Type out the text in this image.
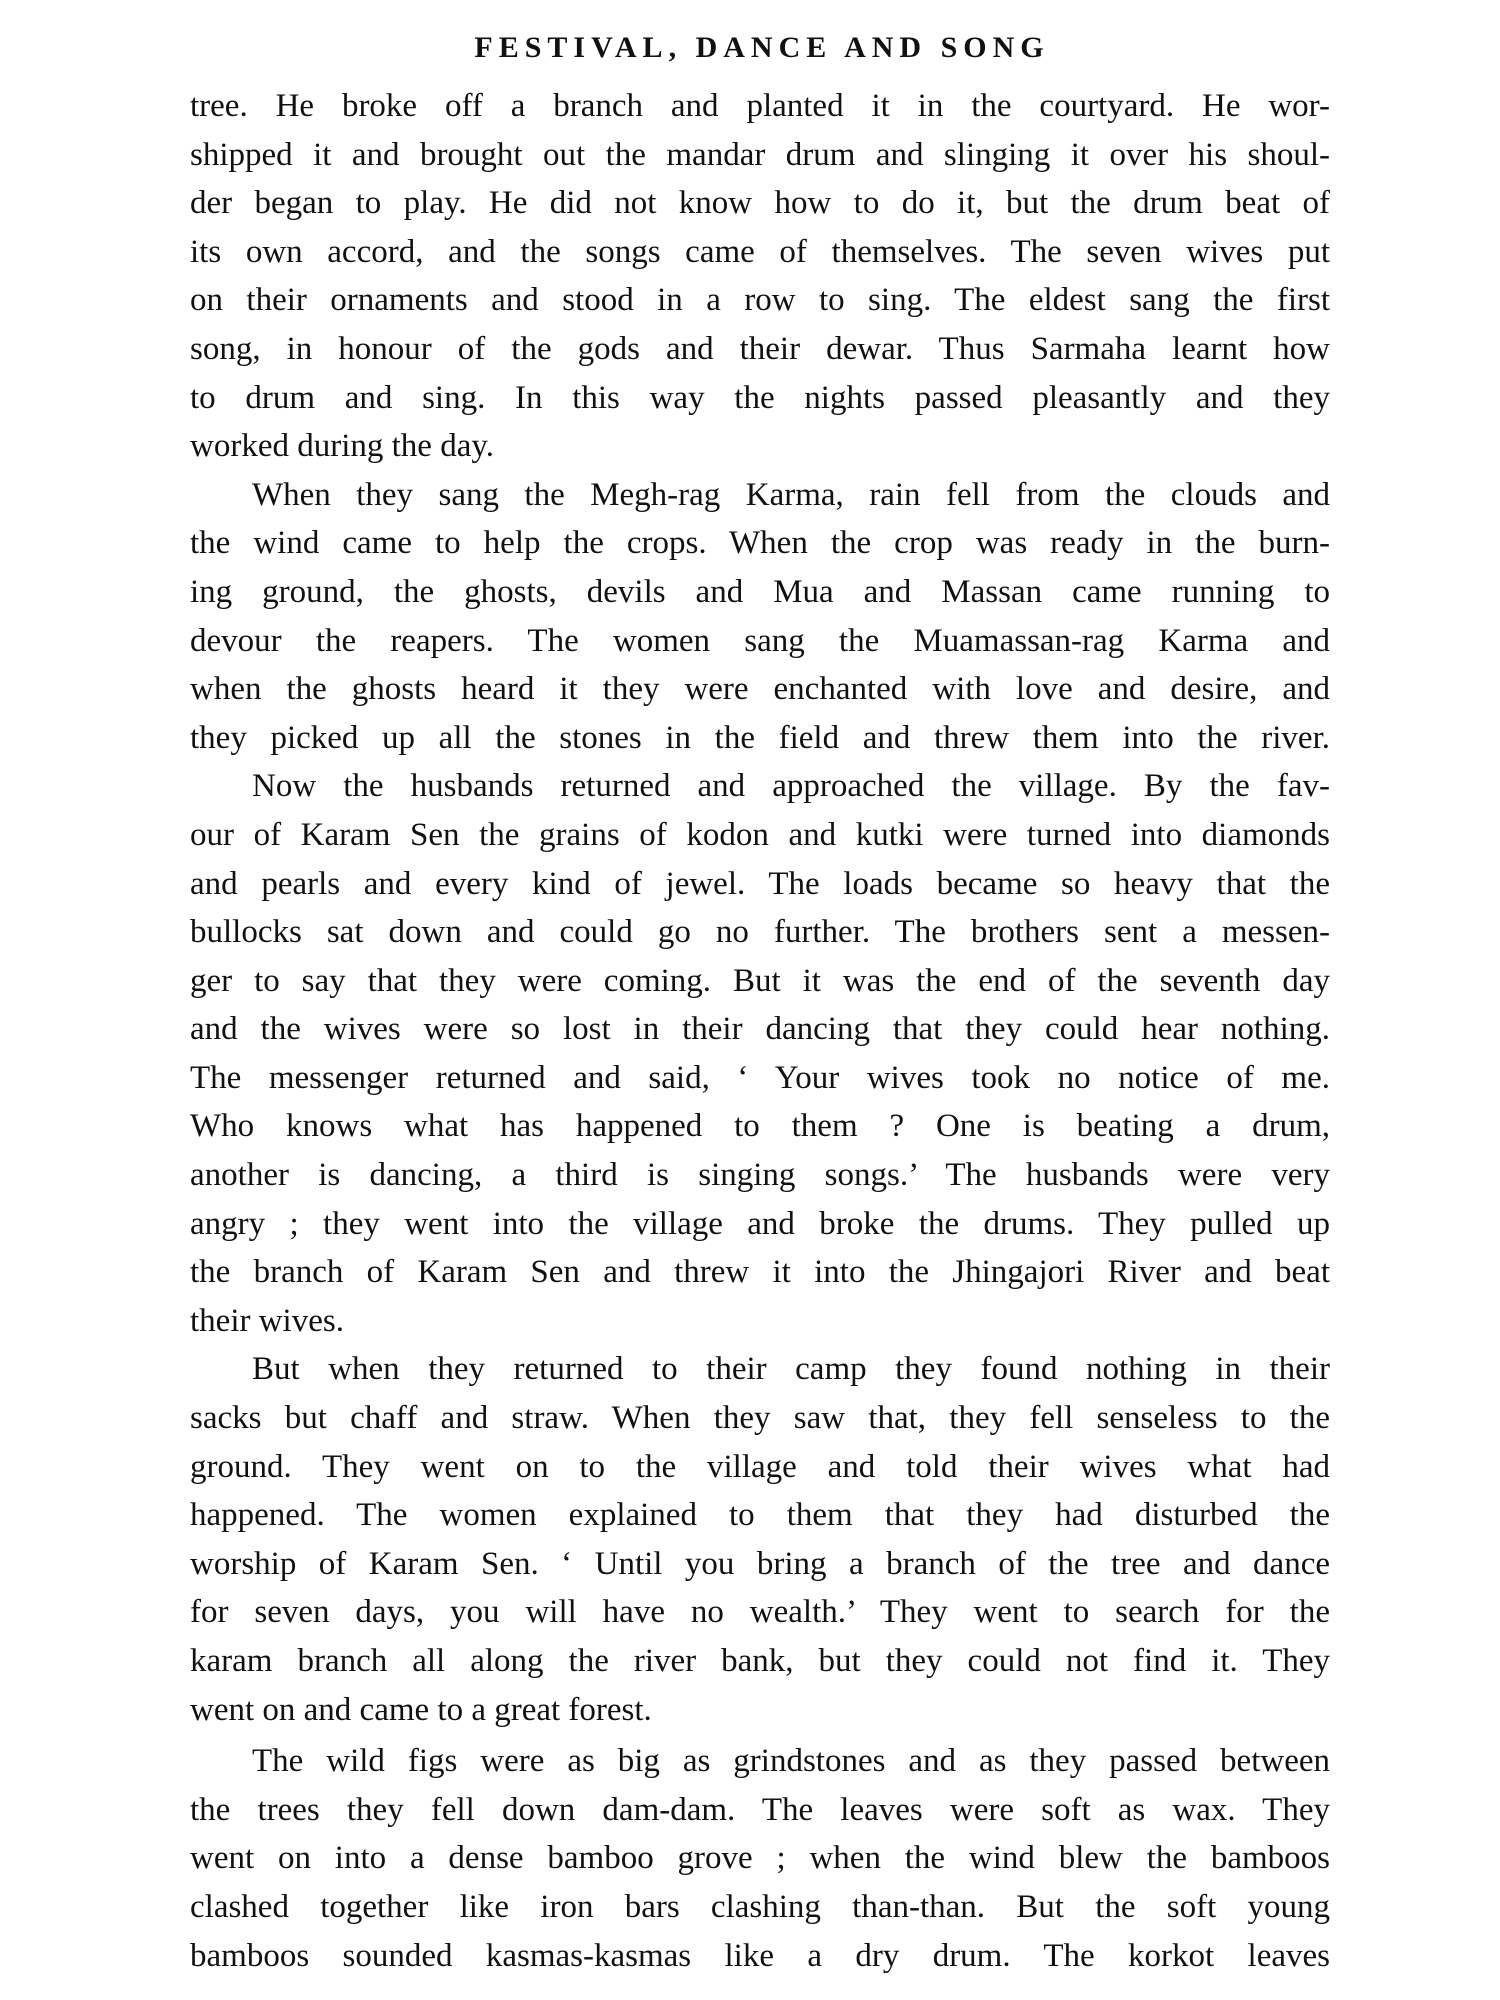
FESTIVAL, DANCE AND SONG
tree. He broke off a branch and planted it in the courtyard. He wor-
shipped it and brought out the mandar drum and slinging it over his shoul-
der began to play. He did not know how to do it, but the drum beat of
its own accord, and the songs came of themselves. The seven wives put
on their ornaments and stood in a row to sing. The eldest sang the first
song, in honour of the gods and their dewar. Thus Sarmaha learnt how
to drum and sing. In this way the nights passed pleasantly and they
worked during the day.
When they sang the Megh-rag Karma, rain fell from the clouds and
the wind came to help the crops. When the crop was ready in the burn-
ing ground, the ghosts, devils and Mua and Massan came running to
devour the reapers. The women sang the Muamassan-rag Karma and
when the ghosts heard it they were enchanted with love and desire, and
they picked up all the stones in the field and threw them into the river.
Now the husbands returned and approached the village. By the fav-
our of Karam Sen the grains of kodon and kutki were turned into diamonds
and pearls and every kind of jewel. The loads became so heavy that the
bullocks sat down and could go no further. The brothers sent a messen-
ger to say that they were coming. But it was the end of the seventh day
and the wives were so lost in their dancing that they could hear nothing.
The messenger returned and said, ‘ Your wives took no notice of me.
Who knows what has happened to them ? One is beating a drum,
another is dancing, a third is singing songs.’ The husbands were very
angry ; they went into the village and broke the drums. They pulled up
the branch of Karam Sen and threw it into the Jhingajori River and beat
their wives.
But when they returned to their camp they found nothing in their
sacks but chaff and straw. When they saw that, they fell senseless to the
ground. They went on to the village and told their wives what had
happened. The women explained to them that they had disturbed the
worship of Karam Sen. ‘ Until you bring a branch of the tree and dance
for seven days, you will have no wealth.’ They went to search for the
karam branch all along the river bank, but they could not find it. They
went on and came to a great forest.
The wild figs were as big as grindstones and as they passed between
the trees they fell down dam-dam. The leaves were soft as wax. They
went on into a dense bamboo grove ; when the wind blew the bamboos
clashed together like iron bars clashing than-than. But the soft young
bamboos sounded kasmas-kasmas like a dry drum. The korkot leaves
